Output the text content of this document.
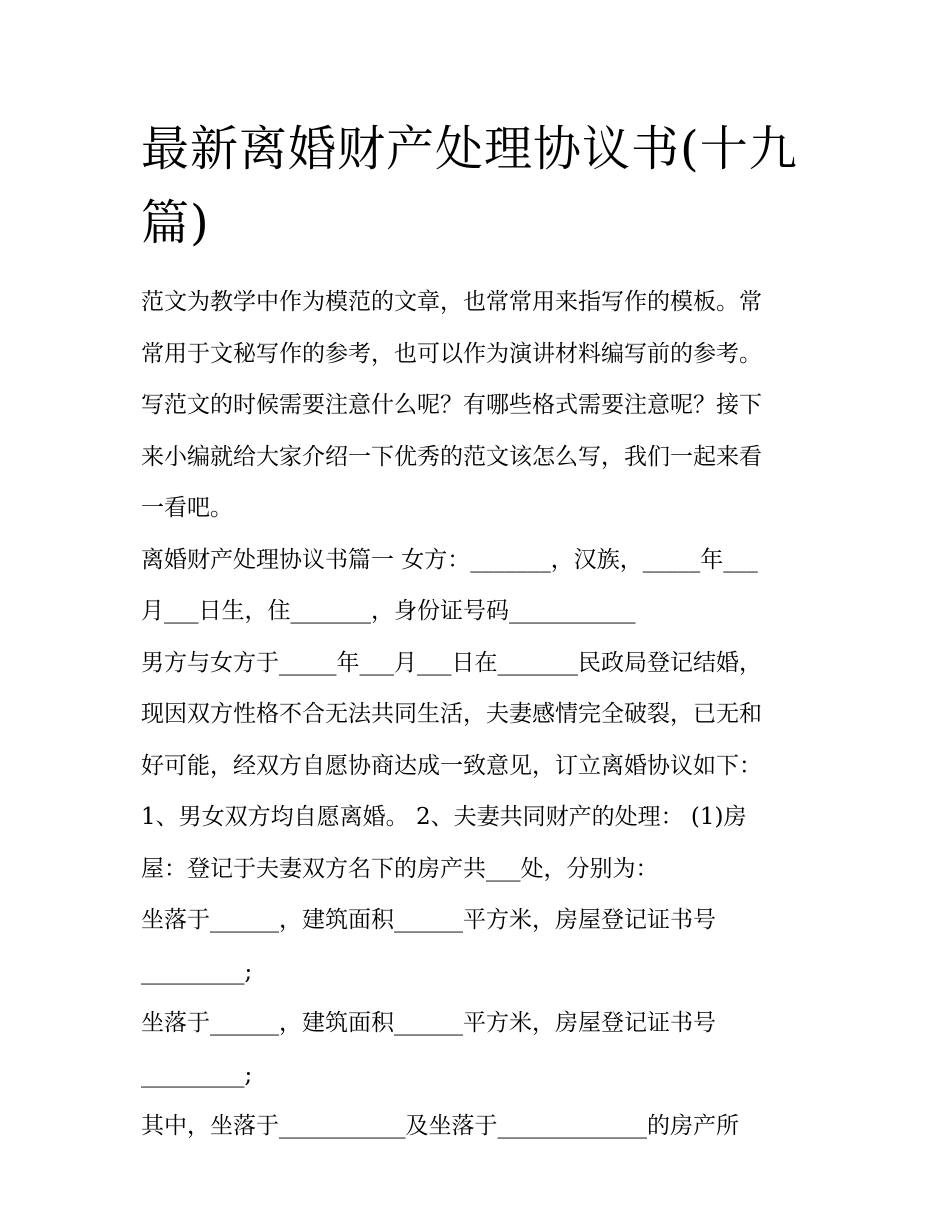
最新离婚财产处理协议书(十九
篇)
范文为教学中作为模范的文章，也常常用来指写作的模板。常
常用于文秘写作的参考，也可以作为演讲材料编写前的参考。
写范文的时候需要注意什么呢？有哪些格式需要注意呢？接下
来小编就给大家介绍一下优秀的范文该怎么写，我们一起来看
一看吧。
离婚财产处理协议书篇一 女方：_______，汉族，_____年___
月___日生，住_______，身份证号码___________
男方与女方于_____年___月___日在_______民政局登记结婚，
现因双方性格不合无法共同生活，夫妻感情完全破裂，已无和
好可能，经双方自愿协商达成一致意见，订立离婚协议如下：
1、男女双方均自愿离婚。 2、夫妻共同财产的处理： (1)房
屋：登记于夫妻双方名下的房产共___处，分别为：
坐落于______，建筑面积______平方米，房屋登记证书号
_________;
坐落于______，建筑面积______平方米，房屋登记证书号
_________;
其中，坐落于___________及坐落于_____________的房产所
